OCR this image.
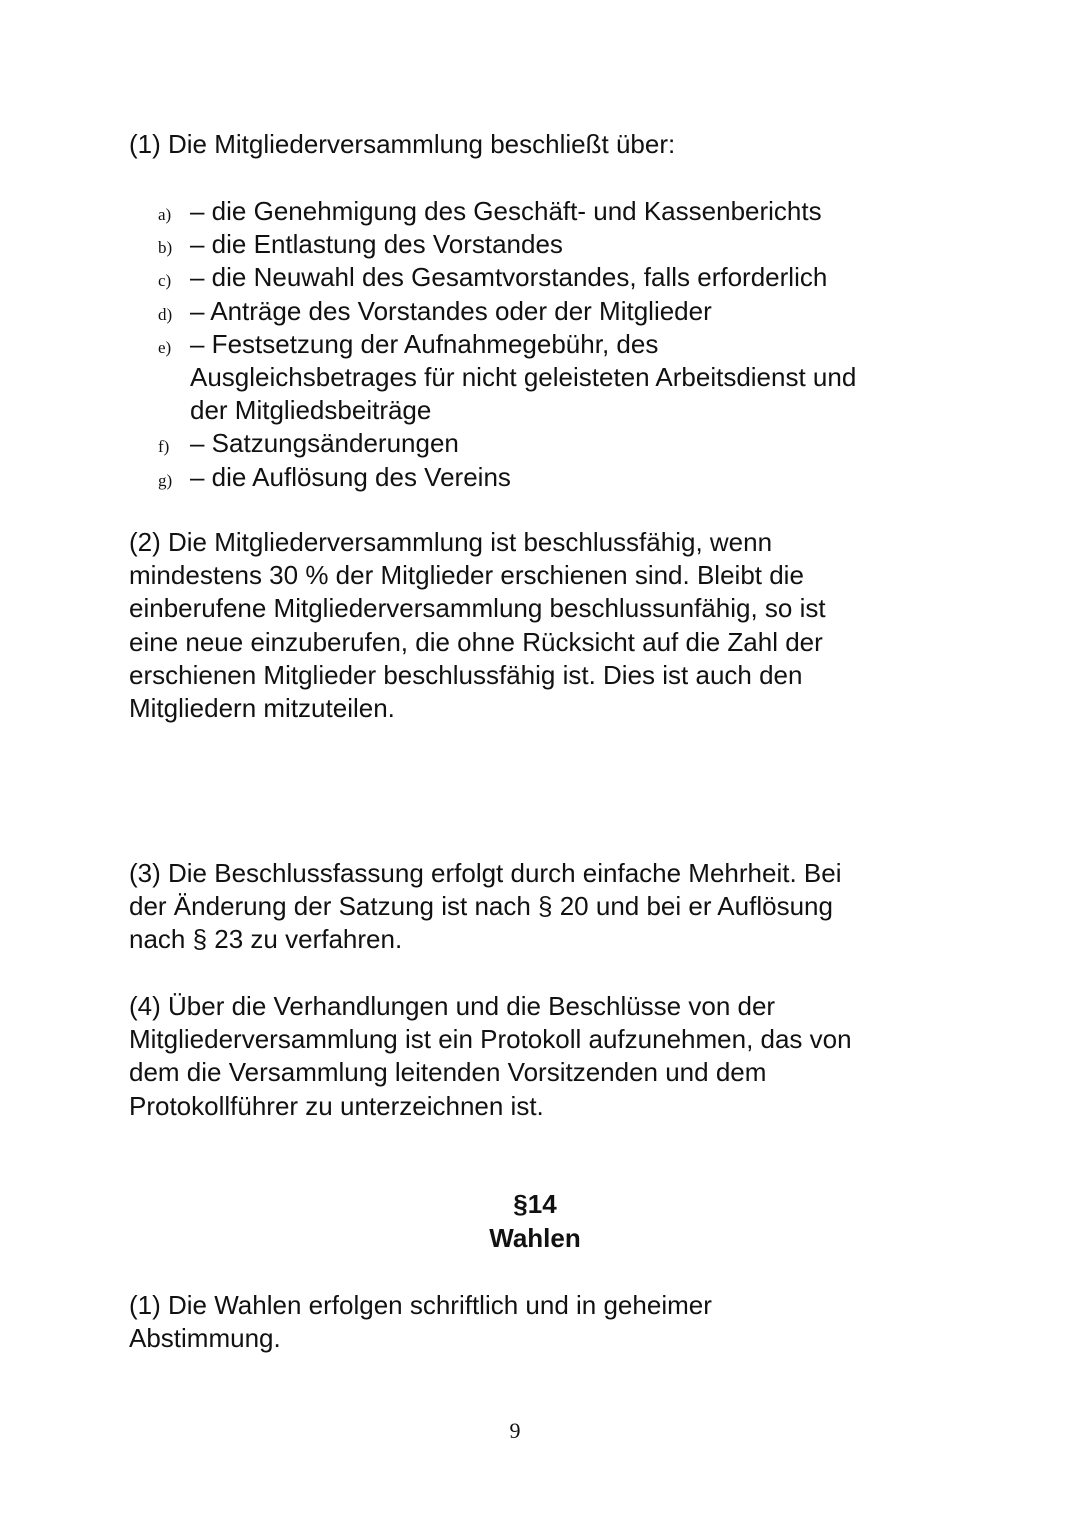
(1) Die Mitgliederversammlung beschließt über:

a) – die Genehmigung des Geschäft- und Kassenberichts
b) – die Entlastung des Vorstandes
c) – die Neuwahl des Gesamtvorstandes, falls erforderlich
d) – Anträge des Vorstandes oder der Mitglieder
e) – Festsetzung der Aufnahmegebühr, des
Ausgleichsbetrages für nicht geleisteten Arbeitsdienst und
der Mitgliedsbeiträge
f) – Satzungsänderungen
g) – die Auflösung des Vereins

(2) Die Mitgliederversammlung ist beschlussfähig, wenn
mindestens 30 % der Mitglieder erschienen sind. Bleibt die
einberufene Mitgliederversammlung beschlussunfähig, so ist
eine neue einzuberufen, die ohne Rücksicht auf die Zahl der
erschienen Mitglieder beschlussfähig ist. Dies ist auch den
Mitgliedern mitzuteilen.

(3) Die Beschlussfassung erfolgt durch einfache Mehrheit. Bei
der Änderung der Satzung ist nach § 20 und bei er Auflösung
nach § 23 zu verfahren.

(4) Über die Verhandlungen und die Beschlüsse von der
Mitgliederversammlung ist ein Protokoll aufzunehmen, das von
dem die Versammlung leitenden Vorsitzenden und dem
Protokollführer zu unterzeichnen ist.

§14
Wahlen

(1) Die Wahlen erfolgen schriftlich und in geheimer
Abstimmung.

9
